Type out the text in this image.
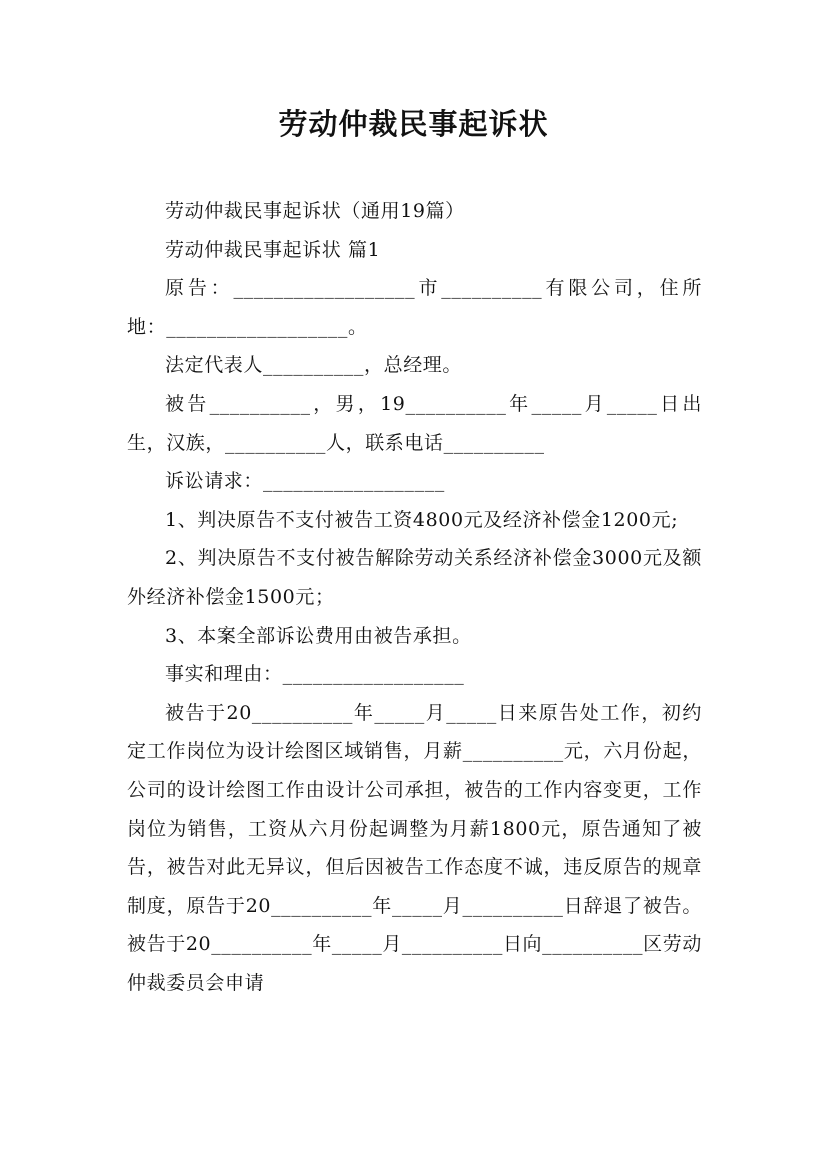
劳动仲裁民事起诉状

劳动仲裁民事起诉状（通用19篇）

劳动仲裁民事起诉状 篇1

原告：__________________市__________有限公司，住所地：__________________。

法定代表人__________，总经理。

被告__________，男，19__________年_____月_____日出生，汉族，__________人，联系电话__________

诉讼请求：__________________

1、判决原告不支付被告工资4800元及经济补偿金1200元;

2、判决原告不支付被告解除劳动关系经济补偿金3000元及额外经济补偿金1500元；

3、本案全部诉讼费用由被告承担。

事实和理由：__________________

被告于20__________年_____月_____日来原告处工作，初约定工作岗位为设计绘图区域销售，月薪__________元，六月份起，公司的设计绘图工作由设计公司承担，被告的工作内容变更，工作岗位为销售，工资从六月份起调整为月薪1800元，原告通知了被告，被告对此无异议，但后因被告工作态度不诚，违反原告的规章制度，原告于20__________年_____月__________日辞退了被告。被告于20__________年_____月__________日向__________区劳动仲裁委员会申请
